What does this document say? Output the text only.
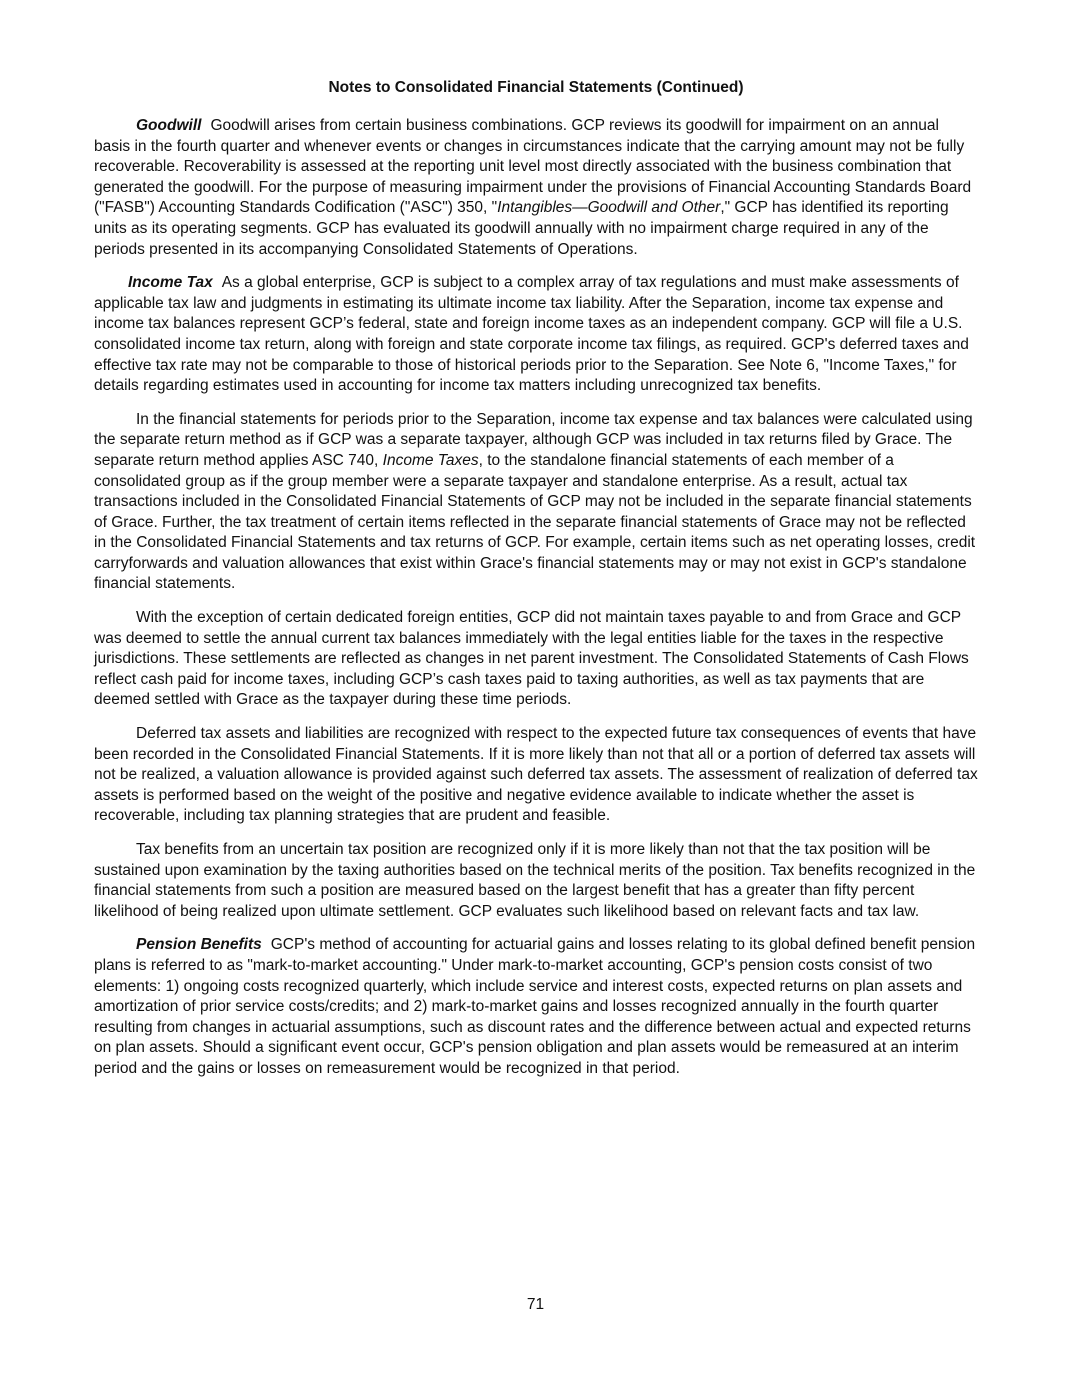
Notes to Consolidated Financial Statements (Continued)

Goodwill Goodwill arises from certain business combinations. GCP reviews its goodwill for impairment on an annual basis in the fourth quarter and whenever events or changes in circumstances indicate that the carrying amount may not be fully recoverable. Recoverability is assessed at the reporting unit level most directly associated with the business combination that generated the goodwill. For the purpose of measuring impairment under the provisions of Financial Accounting Standards Board ("FASB") Accounting Standards Codification ("ASC") 350, "Intangibles—Goodwill and Other," GCP has identified its reporting units as its operating segments. GCP has evaluated its goodwill annually with no impairment charge required in any of the periods presented in its accompanying Consolidated Statements of Operations.

Income Tax As a global enterprise, GCP is subject to a complex array of tax regulations and must make assessments of applicable tax law and judgments in estimating its ultimate income tax liability. After the Separation, income tax expense and income tax balances represent GCP’s federal, state and foreign income taxes as an independent company. GCP will file a U.S. consolidated income tax return, along with foreign and state corporate income tax filings, as required. GCP's deferred taxes and effective tax rate may not be comparable to those of historical periods prior to the Separation. See Note 6, "Income Taxes," for details regarding estimates used in accounting for income tax matters including unrecognized tax benefits.

In the financial statements for periods prior to the Separation, income tax expense and tax balances were calculated using the separate return method as if GCP was a separate taxpayer, although GCP was included in tax returns filed by Grace. The separate return method applies ASC 740, Income Taxes, to the standalone financial statements of each member of a consolidated group as if the group member were a separate taxpayer and standalone enterprise. As a result, actual tax transactions included in the Consolidated Financial Statements of GCP may not be included in the separate financial statements of Grace. Further, the tax treatment of certain items reflected in the separate financial statements of Grace may not be reflected in the Consolidated Financial Statements and tax returns of GCP. For example, certain items such as net operating losses, credit carryforwards and valuation allowances that exist within Grace's financial statements may or may not exist in GCP's standalone financial statements.

With the exception of certain dedicated foreign entities, GCP did not maintain taxes payable to and from Grace and GCP was deemed to settle the annual current tax balances immediately with the legal entities liable for the taxes in the respective jurisdictions. These settlements are reflected as changes in net parent investment. The Consolidated Statements of Cash Flows reflect cash paid for income taxes, including GCP’s cash taxes paid to taxing authorities, as well as tax payments that are deemed settled with Grace as the taxpayer during these time periods.

Deferred tax assets and liabilities are recognized with respect to the expected future tax consequences of events that have been recorded in the Consolidated Financial Statements. If it is more likely than not that all or a portion of deferred tax assets will not be realized, a valuation allowance is provided against such deferred tax assets. The assessment of realization of deferred tax assets is performed based on the weight of the positive and negative evidence available to indicate whether the asset is recoverable, including tax planning strategies that are prudent and feasible.

Tax benefits from an uncertain tax position are recognized only if it is more likely than not that the tax position will be sustained upon examination by the taxing authorities based on the technical merits of the position. Tax benefits recognized in the financial statements from such a position are measured based on the largest benefit that has a greater than fifty percent likelihood of being realized upon ultimate settlement. GCP evaluates such likelihood based on relevant facts and tax law.

Pension Benefits GCP's method of accounting for actuarial gains and losses relating to its global defined benefit pension plans is referred to as "mark-to-market accounting." Under mark-to-market accounting, GCP's pension costs consist of two elements: 1) ongoing costs recognized quarterly, which include service and interest costs, expected returns on plan assets and amortization of prior service costs/credits; and 2) mark-to-market gains and losses recognized annually in the fourth quarter resulting from changes in actuarial assumptions, such as discount rates and the difference between actual and expected returns on plan assets. Should a significant event occur, GCP's pension obligation and plan assets would be remeasured at an interim period and the gains or losses on remeasurement would be recognized in that period.

71
